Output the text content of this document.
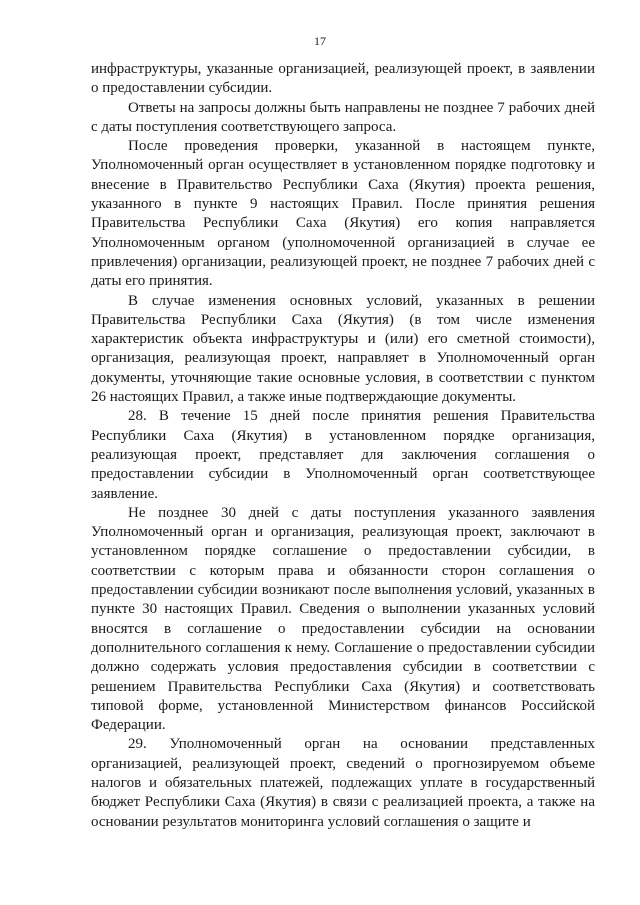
17

инфраструктуры, указанные организацией, реализующей проект, в заявлении о предоставлении субсидии.

Ответы на запросы должны быть направлены не позднее 7 рабочих дней с даты поступления соответствующего запроса.

После проведения проверки, указанной в настоящем пункте, Уполномоченный орган осуществляет в установленном порядке подготовку и внесение в Правительство Республики Саха (Якутия) проекта решения, указанного в пункте 9 настоящих Правил. После принятия решения Правительства Республики Саха (Якутия) его копия направляется Уполномоченным органом (уполномоченной организацией в случае ее привлечения) организации, реализующей проект, не позднее 7 рабочих дней с даты его принятия.

В случае изменения основных условий, указанных в решении Правительства Республики Саха (Якутия) (в том числе изменения характеристик объекта инфраструктуры и (или) его сметной стоимости), организация, реализующая проект, направляет в Уполномоченный орган документы, уточняющие такие основные условия, в соответствии с пунктом 26 настоящих Правил, а также иные подтверждающие документы.

28. В течение 15 дней после принятия решения Правительства Республики Саха (Якутия) в установленном порядке организация, реализующая проект, представляет для заключения соглашения о предоставлении субсидии в Уполномоченный орган соответствующее заявление.

Не позднее 30 дней с даты поступления указанного заявления Уполномоченный орган и организация, реализующая проект, заключают в установленном порядке соглашение о предоставлении субсидии, в соответствии с которым права и обязанности сторон соглашения о предоставлении субсидии возникают после выполнения условий, указанных в пункте 30 настоящих Правил. Сведения о выполнении указанных условий вносятся в соглашение о предоставлении субсидии на основании дополнительного соглашения к нему. Соглашение о предоставлении субсидии должно содержать условия предоставления субсидии в соответствии с решением Правительства Республики Саха (Якутия) и соответствовать типовой форме, установленной Министерством финансов Российской Федерации.

29. Уполномоченный орган на основании представленных организацией, реализующей проект, сведений о прогнозируемом объеме налогов и обязательных платежей, подлежащих уплате в государственный бюджет Республики Саха (Якутия) в связи с реализацией проекта, а также на основании результатов мониторинга условий соглашения о защите и
